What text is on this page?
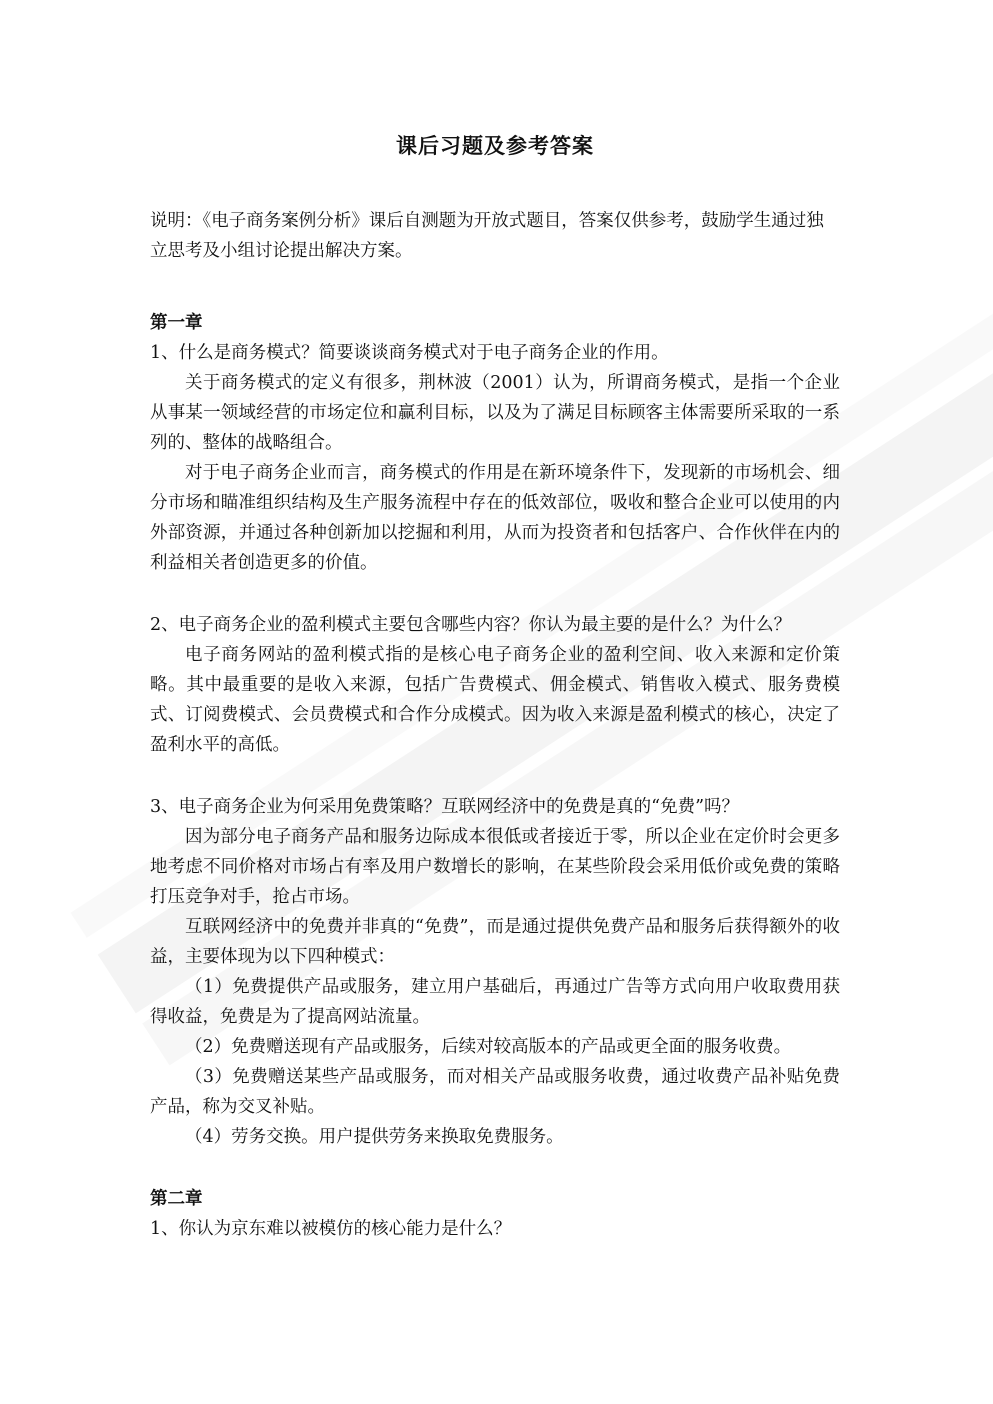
课后习题及参考答案

说明：《电子商务案例分析》课后自测题为开放式题目，答案仅供参考，鼓励学生通过独立思考及小组讨论提出解决方案。

第一章

1、什么是商务模式？简要谈谈商务模式对于电子商务企业的作用。

关于商务模式的定义有很多，荆林波（2001）认为，所谓商务模式，是指一个企业从事某一领域经营的市场定位和赢利目标，以及为了满足目标顾客主体需要所采取的一系列的、整体的战略组合。

对于电子商务企业而言，商务模式的作用是在新环境条件下，发现新的市场机会、细分市场和瞄准组织结构及生产服务流程中存在的低效部位，吸收和整合企业可以使用的内外部资源，并通过各种创新加以挖掘和利用，从而为投资者和包括客户、合作伙伴在内的利益相关者创造更多的价值。

2、电子商务企业的盈利模式主要包含哪些内容？你认为最主要的是什么？为什么？

电子商务网站的盈利模式指的是核心电子商务企业的盈利空间、收入来源和定价策略。其中最重要的是收入来源，包括广告费模式、佣金模式、销售收入模式、服务费模式、订阅费模式、会员费模式和合作分成模式。因为收入来源是盈利模式的核心，决定了盈利水平的高低。

3、电子商务企业为何采用免费策略？互联网经济中的免费是真的“免费”吗？

因为部分电子商务产品和服务边际成本很低或者接近于零，所以企业在定价时会更多地考虑不同价格对市场占有率及用户数增长的影响，在某些阶段会采用低价或免费的策略打压竞争对手，抢占市场。

互联网经济中的免费并非真的“免费”，而是通过提供免费产品和服务后获得额外的收益，主要体现为以下四种模式：

（1）免费提供产品或服务，建立用户基础后，再通过广告等方式向用户收取费用获得收益，免费是为了提高网站流量。

（2）免费赠送现有产品或服务，后续对较高版本的产品或更全面的服务收费。

（3）免费赠送某些产品或服务，而对相关产品或服务收费，通过收费产品补贴免费产品，称为交叉补贴。

（4）劳务交换。用户提供劳务来换取免费服务。

第二章

1、你认为京东难以被模仿的核心能力是什么？
